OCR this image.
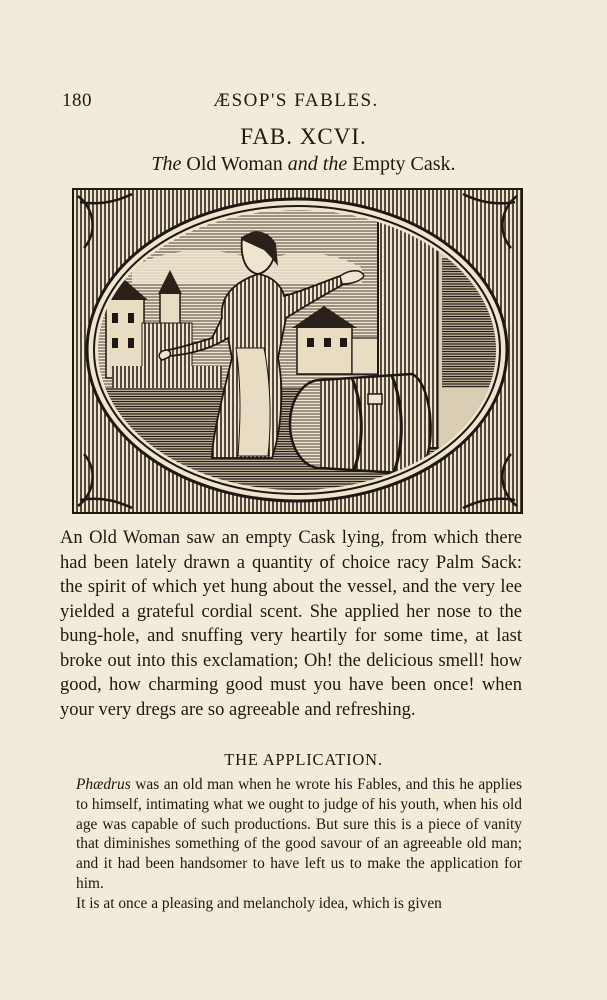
180	ÆSOP'S FABLES.
FAB. XCVI.
The Old Woman and the Empty Cask.
An Old Woman saw an empty Cask lying, from which there had been lately drawn a quantity of choice racy Palm Sack: the spirit of which yet hung about the vessel, and the very lee yielded a grateful cordial scent. She applied her nose to the bung-hole, and snuffing very heartily for some time, at last broke out into this exclamation; Oh! the delicious smell! how good, how charming good must you have been once! when your very dregs are so agreeable and refreshing.
THE APPLICATION.

Phædrus was an old man when he wrote his Fables, and this he applies to himself, intimating what we ought to judge of his youth, when his old age was capable of such productions. But sure this is a piece of vanity that diminishes something of the good savour of an agreeable old man; and it had been handsomer to have left us to make the application for him.

It is at once a pleasing and melancholy idea, which is given
